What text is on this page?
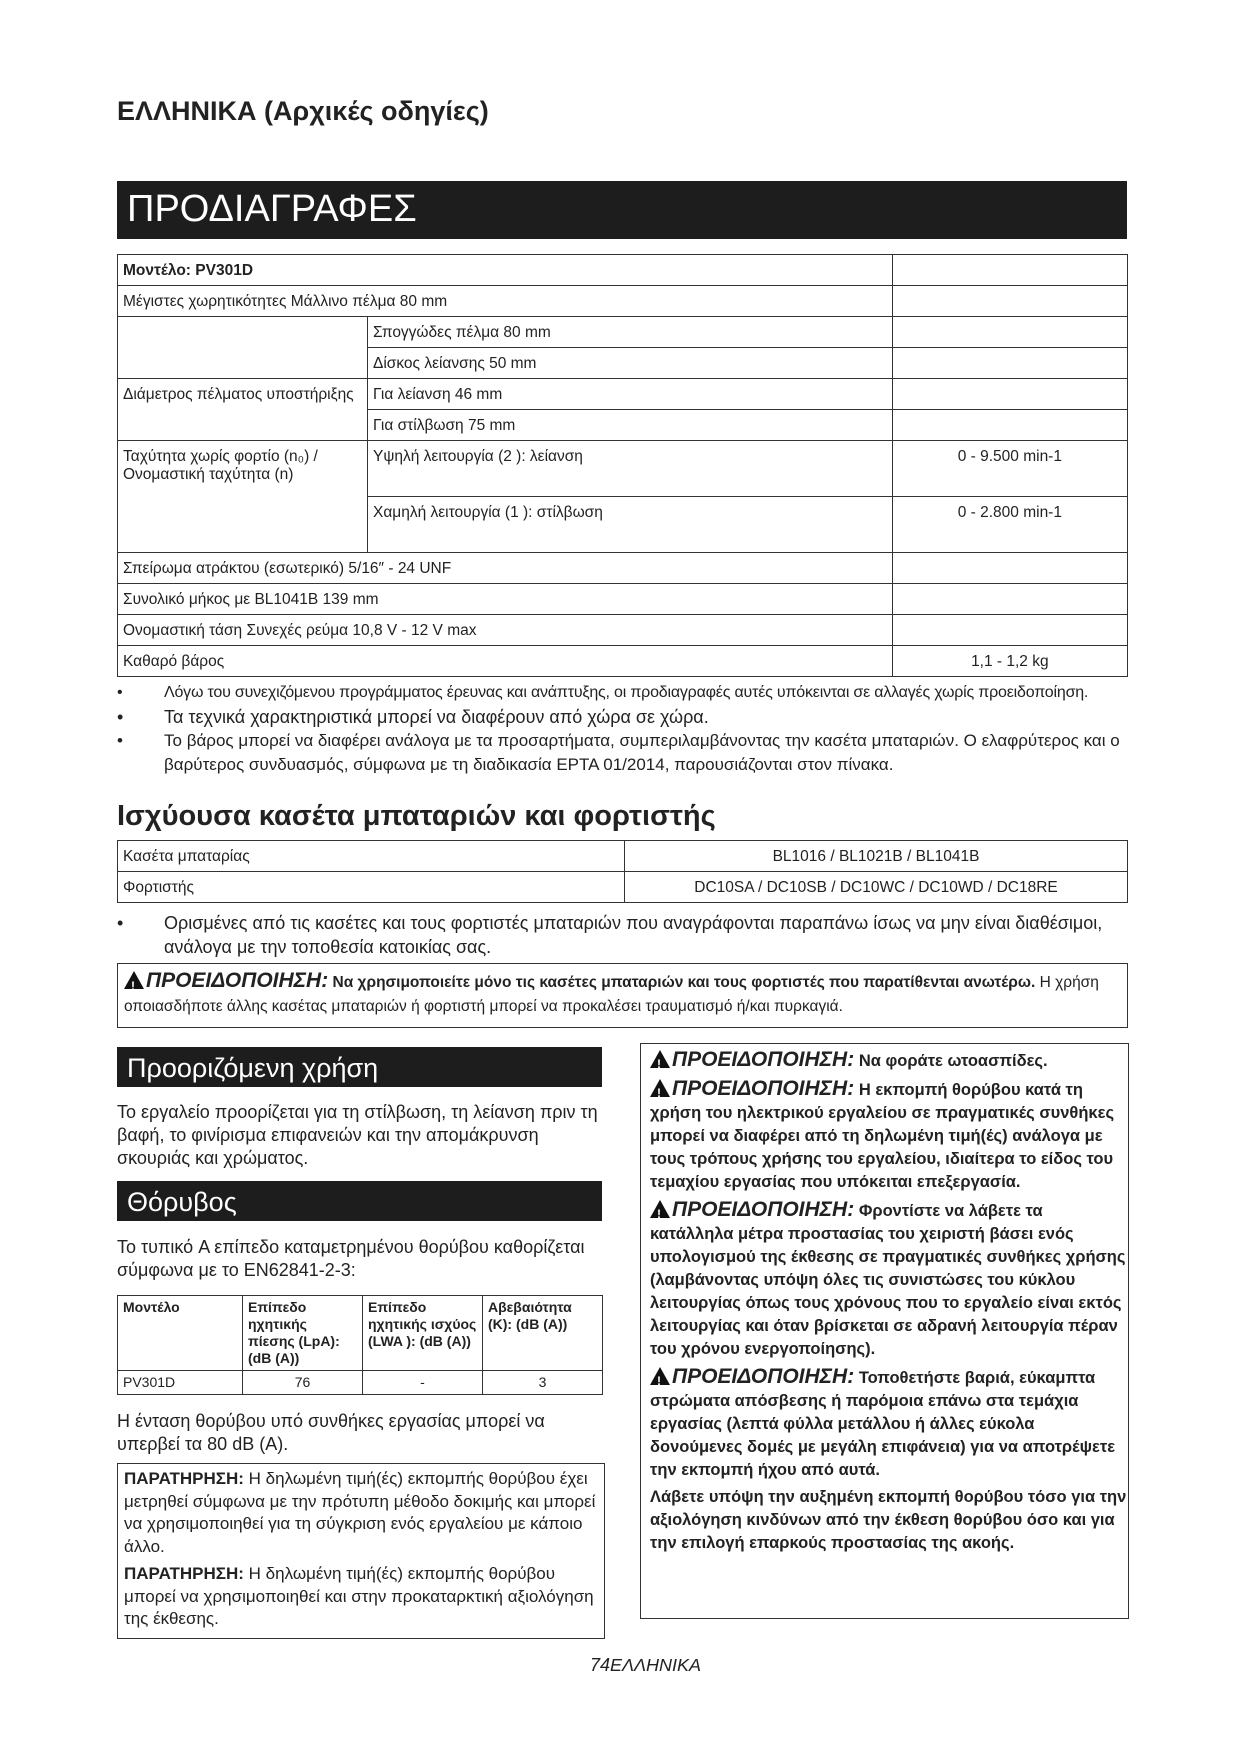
ΕΛΛΗΝΙΚΑ (Αρχικές οδηγίες)
ΠΡΟΔΙΑΓΡΑΦΕΣ
Μοντέλο: PV301D		
Μέγιστες χωρητικότητες Μάλλινο πέλμα 80 mm		
	Σπογγώδες πέλμα 80 mm	
	Δίσκος λείανσης 50 mm	
Διάμετρος πέλματος υποστήριξης	Για λείανση 46 mm	
	Για στίλβωση 75 mm	
Ταχύτητα χωρίς φορτίο (n₀) / Ονομαστική ταχύτητα (n)	Υψηλή λειτουργία (2 ): λείανση	0 - 9.500 min-1
	Χαμηλή λειτουργία (1 ): στίλβωση	0 - 2.800 min-1
Σπείρωμα ατράκτου (εσωτερικό) 5/16″ - 24 UNF		
Συνολικό μήκος με BL1041B 139 mm		
Ονομαστική τάση Συνεχές ρεύμα 10,8 V - 12 V max		
Καθαρό βάρος		1,1 - 1,2 kg
• Λόγω του συνεχιζόμενου προγράμματος έρευνας και ανάπτυξης, οι προδιαγραφές αυτές υπόκεινται σε αλλαγές χωρίς προειδοποίηση.
• Τα τεχνικά χαρακτηριστικά μπορεί να διαφέρουν από χώρα σε χώρα.
• Το βάρος μπορεί να διαφέρει ανάλογα με τα προσαρτήματα, συμπεριλαμβάνοντας την κασέτα μπαταριών. Ο ελαφρύτερος και ο βαρύτερος συνδυασμός, σύμφωνα με τη διαδικασία EPTA 01/2014, παρουσιάζονται στον πίνακα.
Ισχύουσα κασέτα μπαταριών και φορτιστής
Κασέτα μπαταρίας	BL1016 / BL1021B / BL1041B
Φορτιστής	DC10SA / DC10SB / DC10WC / DC10WD / DC18RE
• Ορισμένες από τις κασέτες και τους φορτιστές μπαταριών που αναγράφονται παραπάνω ίσως να μην είναι διαθέσιμοι, ανάλογα με την τοποθεσία κατοικίας σας.
!ΠΡΟΕΙΔΟΠΟΙΗΣΗ: Να χρησιμοποιείτε μόνο τις κασέτες μπαταριών και τους φορτιστές που παρατίθενται ανωτέρω. Η χρήση οποιασδήποτε άλλης κασέτας μπαταριών ή φορτιστή μπορεί να προκαλέσει τραυματισμό ή/και πυρκαγιά.
Προοριζόμενη χρήση
Το εργαλείο προορίζεται για τη στίλβωση, τη λείανση πριν τη βαφή, το φινίρισμα επιφανειών και την απομάκρυνση σκουριάς και χρώματος.
Θόρυβος
Το τυπικό A επίπεδο καταμετρημένου θορύβου καθορίζεται σύμφωνα με το EN62841-2-3:
Μοντέλο	Επίπεδο ηχητικής πίεσης (LpA): (dB (A))	Επίπεδο ηχητικής ισχύος (LWA ): (dB (A))	Αβεβαιότητα (K): (dB (A))
PV301D	76	-	3
Η ένταση θορύβου υπό συνθήκες εργασίας μπορεί να υπερβεί τα 80 dB (A).
ΠΑΡΑΤΗΡΗΣΗ: Η δηλωμένη τιμή(ές) εκπομπής θορύβου έχει μετρηθεί σύμφωνα με την πρότυπη μέθοδο δοκιμής και μπορεί να χρησιμοποιηθεί για τη σύγκριση ενός εργαλείου με κάποιο άλλο.
ΠΑΡΑΤΗΡΗΣΗ: Η δηλωμένη τιμή(ές) εκπομπής θορύβου μπορεί να χρησιμοποιηθεί και στην προκαταρκτική αξιολόγηση της έκθεσης.
!ΠΡΟΕΙΔΟΠΟΙΗΣΗ: Να φοράτε ωτοασπίδες.
!ΠΡΟΕΙΔΟΠΟΙΗΣΗ: Η εκπομπή θορύβου κατά τη χρήση του ηλεκτρικού εργαλείου σε πραγματικές συνθήκες μπορεί να διαφέρει από τη δηλωμένη τιμή(ές) ανάλογα με τους τρόπους χρήσης του εργαλείου, ιδιαίτερα το είδος του τεμαχίου εργασίας που υπόκειται επεξεργασία.
!ΠΡΟΕΙΔΟΠΟΙΗΣΗ: Φροντίστε να λάβετε τα κατάλληλα μέτρα προστασίας του χειριστή βάσει ενός υπολογισμού της έκθεσης σε πραγματικές συνθήκες χρήσης (λαμβάνοντας υπόψη όλες τις συνιστώσες του κύκλου λειτουργίας όπως τους χρόνους που το εργαλείο είναι εκτός λειτουργίας και όταν βρίσκεται σε αδρανή λειτουργία πέραν του χρόνου ενεργοποίησης).
!ΠΡΟΕΙΔΟΠΟΙΗΣΗ: Τοποθετήστε βαριά, εύκαμπτα στρώματα απόσβεσης ή παρόμοια επάνω στα τεμάχια εργασίας (λεπτά φύλλα μετάλλου ή άλλες εύκολα δονούμενες δομές με μεγάλη επιφάνεια) για να αποτρέψετε την εκπομπή ήχου από αυτά.
Λάβετε υπόψη την αυξημένη εκπομπή θορύβου τόσο για την αξιολόγηση κινδύνων από την έκθεση θορύβου όσο και για την επιλογή επαρκούς προστασίας της ακοής.
74ΕΛΛΗΝΙΚΑ
